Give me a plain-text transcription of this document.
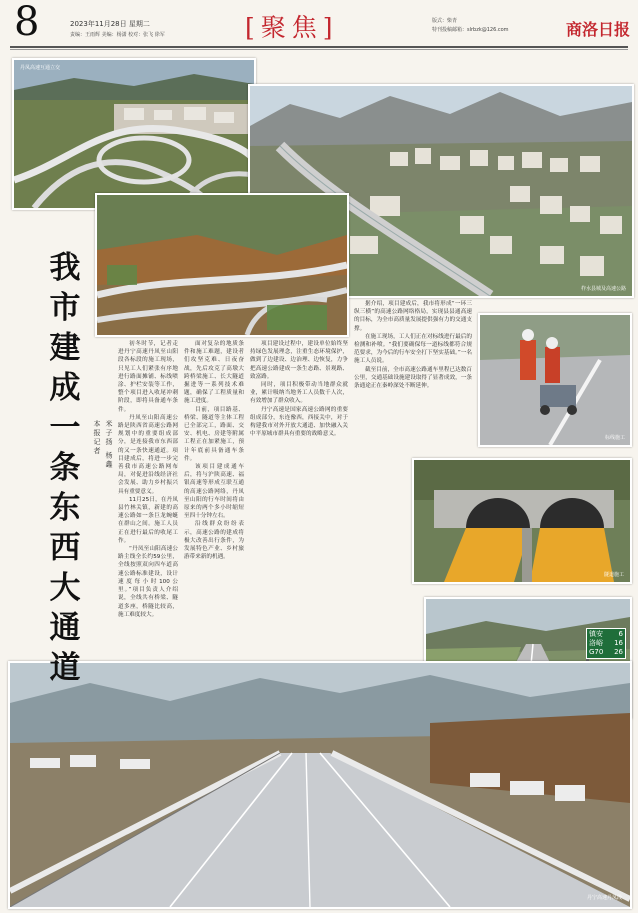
8	2023年11月28日 星期二
责编：王雨辉 美编：杨潇 校对：张飞 徐军	[聚焦]	版式：柴青
特刊投稿邮箱：slrbzk@126.com	商洛日报
丹凤高速互通立交
柞水县城及高速公路
标线施工
隧道施工
镇安 6
洛峪 16
G70 26
丹宁高速丹凤段
我
市
建
成
一
条
东
西
大
通
道
本报记者 米子扬 杨鑫

初冬时节，记者走进丹宁高速丹凤至山阳段各标段的施工现场，只见工人们紧张有序地进行路面摊铺、标线喷涂、护栏安装等工作，整个项目进入收尾冲刺阶段，即将具备通车条件。

丹凤至山阳高速公路是陕西省高速公路网规划中的重要组成部分，是连接我市东西部的又一条快速通道。项目建成后，将进一步完善我市高速公路网布局，对促进沿线经济社会发展、助力乡村振兴具有重要意义。

11月25日，在丹凤县竹林关镇，新建的高速公路如一条巨龙蜿蜒在群山之间。施工人员正在进行最后的收尾工作。

“丹凤至山阳高速公路主线全长约59公里，全线按照双向四车道高速公路标准建设，设计速度每小时100公里。”项目负责人介绍说，全线共有桥梁、隧道多座，桥隧比较高，施工难度较大。

面对复杂的地质条件和施工难题，建设者们攻坚克难、日夜奋战，先后攻克了高墩大跨桥梁施工、长大隧道掘进等一系列技术难题，确保了工程质量和施工进度。

目前，项目路基、桥梁、隧道等主体工程已全部完工，路面、交安、机电、房建等附属工程正在加紧施工，预计年底前具备通车条件。

该项目建成通车后，将与沪陕高速、福银高速等形成互联互通的高速公路网络，丹凤至山阳的行车时间将由原来的两个多小时缩短至四十分钟左右。

沿线群众纷纷表示，高速公路的建成将极大改善出行条件，为发展特色产业、乡村旅游带来新的机遇。

项目建设过程中，建设单位始终坚持绿色发展理念，注重生态环境保护，做到了边建设、边治理、边恢复，力争把高速公路建成一条生态路、景观路、致富路。

同时，项目积极带动当地群众就业，累计吸纳当地务工人员数千人次，有效增加了群众收入。

丹宁高速是国家高速公路网的重要组成部分，东连豫西，西接关中，对于构建我市对外开放大通道、加快融入关中平原城市群具有重要的战略意义。

据介绍，项目建成后，我市将形成“一环三纵三横”的高速公路网络格局，实现县县通高速的目标，为全市高质量发展提供强有力的交通支撑。

在施工现场，工人们正在对标线进行最后的检测和补喷。“我们要确保每一道标线都符合规范要求，为今后的行车安全打下坚实基础。”一名施工人员说。

截至目前，全市高速公路通车里程已达数百公里，交通基础设施建设取得了显著成效，一条条通途正在秦岭深处不断延伸。
